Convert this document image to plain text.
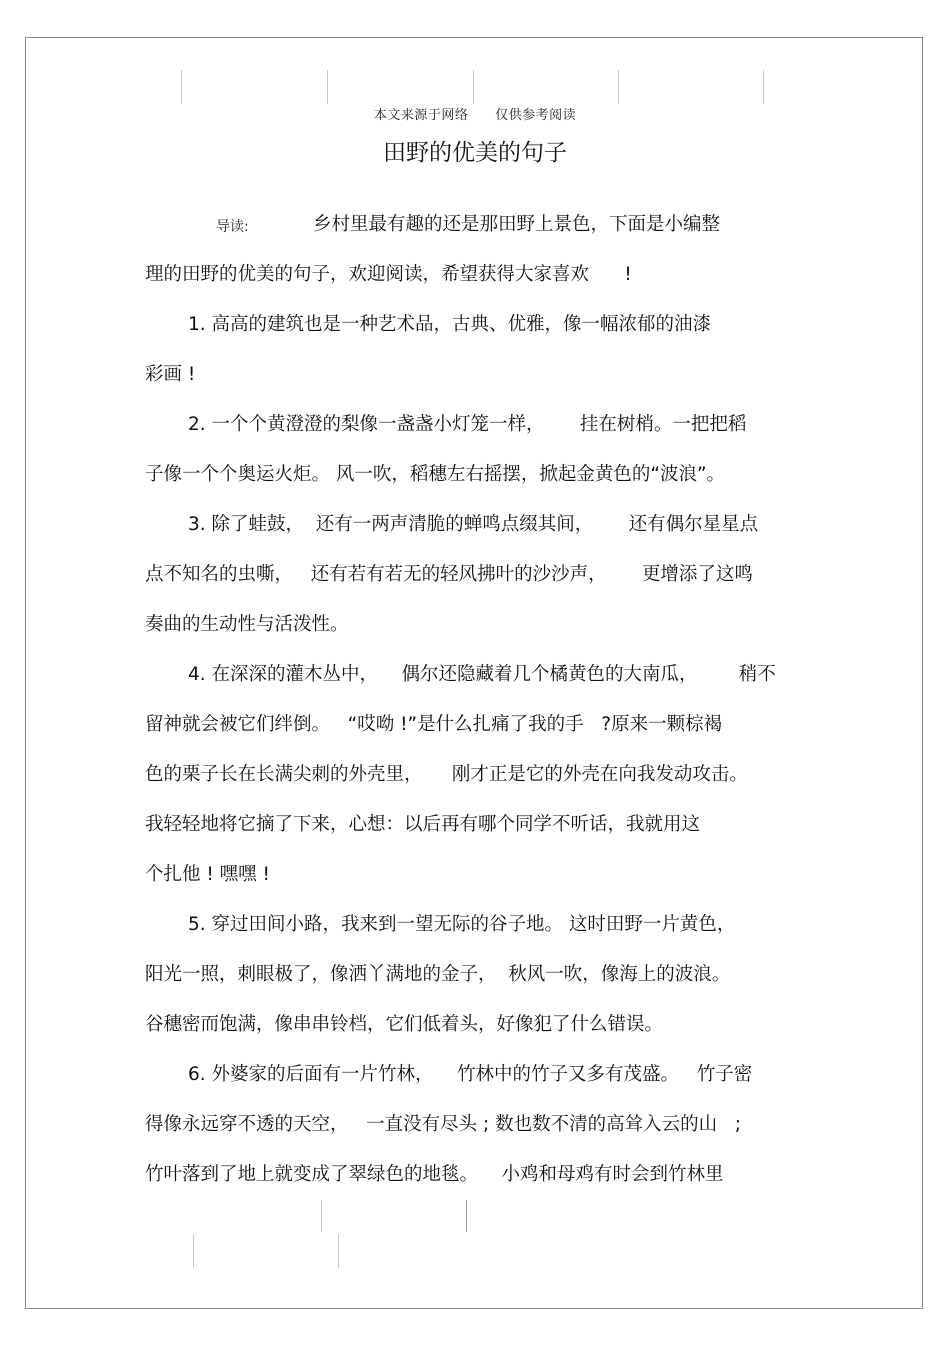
本文来源于网络 仅供参考阅读
田野的优美的句子
导读:	乡村里最有趣的还是那田野上景色，下面是小编整
理的田野的优美的句子，欢迎阅读，希望获得大家喜欢      !
1. 高高的建筑也是一种艺术品，古典、优雅，像一幅浓郁的油漆
彩画 !
2. 一个个黄澄澄的梨像一盏盏小灯笼一样，      挂在树梢。一把把稻
子像一个个奥运火炬。 风一吹，稻穗左右摇摆，掀起金黄色的“波浪”。
3. 除了蛙鼓，  还有一两声清脆的蝉鸣点缀其间，      还有偶尔星星点
点不知名的虫嘶，   还有若有若无的轻风拂叶的沙沙声，      更增添了这鸣
奏曲的生动性与活泼性。
4. 在深深的灌木丛中，    偶尔还隐藏着几个橘黄色的大南瓜，       稍不
留神就会被它们绊倒。   “哎呦 !”是什么扎痛了我的手   ?原来一颗棕褐
色的栗子长在长满尖刺的外壳里，     刚才正是它的外壳在向我发动攻击。
我轻轻地将它摘了下来，心想：以后再有哪个同学不听话，我就用这
个扎他 ! 嘿嘿 !
5. 穿过田间小路，我来到一望无际的谷子地。 这时田野一片黄色，
阳光一照，刺眼极了，像洒丫满地的金子，  秋风一吹，像海上的波浪。
谷穗密而饱满，像串串铃档，它们低着头，好像犯了什么错误。
6. 外婆家的后面有一片竹林，    竹林中的竹子又多有茂盛。   竹子密
得像永远穿不透的天空，   一直没有尽头 ; 数也数不清的高耸入云的山   ;
竹叶落到了地上就变成了翠绿色的地毯。    小鸡和母鸡有时会到竹林里
